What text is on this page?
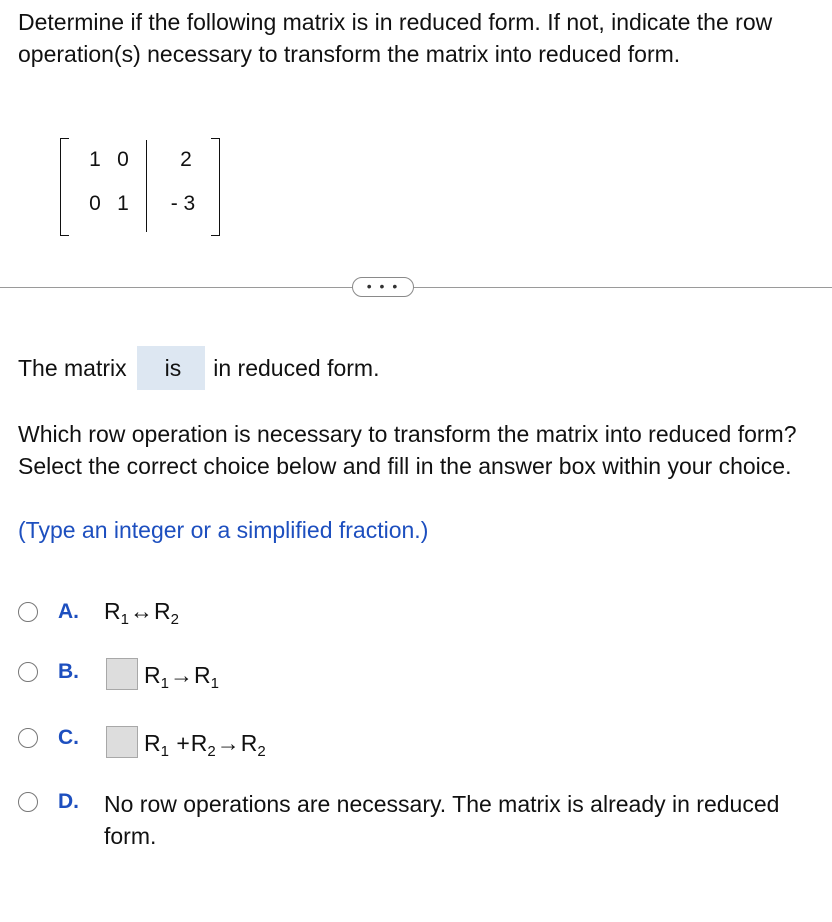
Determine if the following matrix is in reduced form. If not, indicate the row operation(s) necessary to transform the matrix into reduced form.

1 0	2
0 1	- 3
• • •
The matrix is in reduced form.

Which row operation is necessary to transform the matrix into reduced form? Select the correct choice below and fill in the answer box within your choice.

(Type an integer or a simplified fraction.)
A. $R_1\leftrightarrow R_2$
B.	$R_1\to R_1$
C.	$R_1 +R_2\to R_2$
D. No row operations are necessary. The matrix is already in reduced form.
